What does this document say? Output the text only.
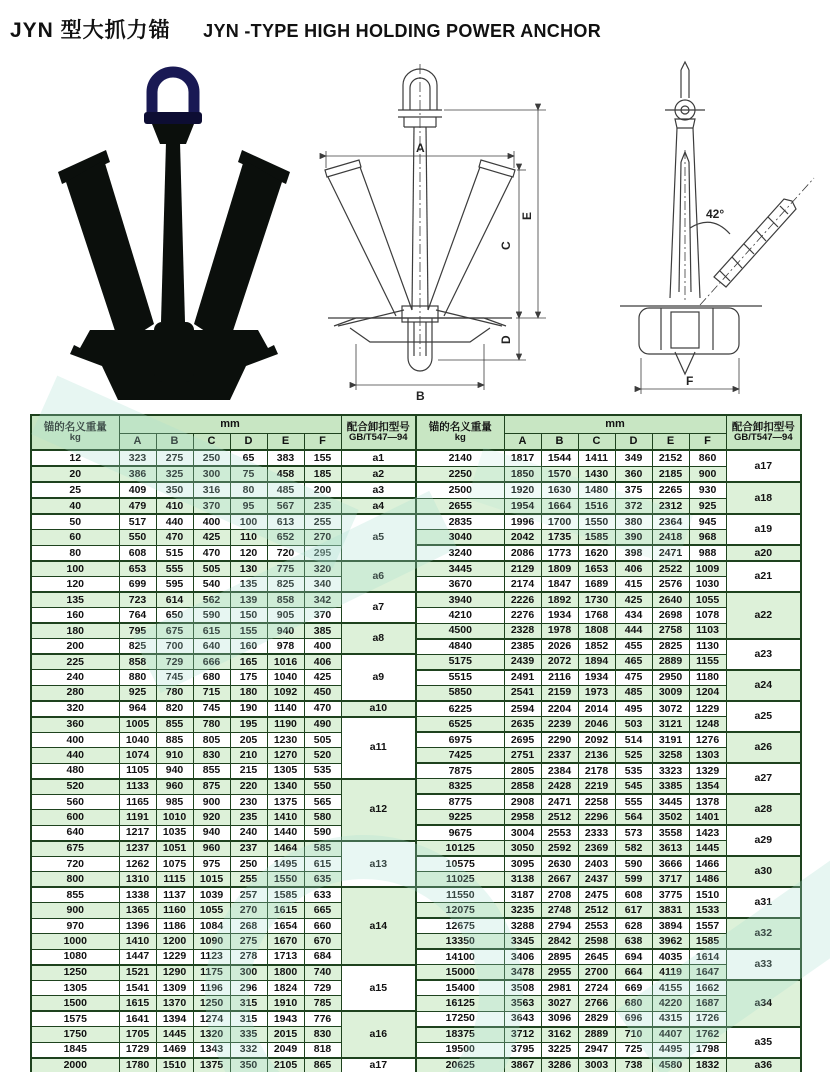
JYN 型大抓力锚 JYN -TYPE HIGH HOLDING POWER ANCHOR
A
B
C
D
E	42°
F
锚的名义重量
kg	mm						配合卸扣型号
GB/T547—94	锚的名义重量
kg	mm						配合卸扣型号
GB/T547—94

	A	B	C	D	E	F			A	B	C	D	E	F	
12	323	275	250	65	383	155	a1	2140	1817	1544	1411	349	2152	860	a17
20	386	325	300	75	458	185	a2	2250	1850	1570	1430	360	2185	900	
25	409	350	316	80	485	200	a3	2500	1920	1630	1480	375	2265	930	a18
40	479	410	370	95	567	235	a4	2655	1954	1664	1516	372	2312	925	
50	517	440	400	100	613	255	a5	2835	1996	1700	1550	380	2364	945	a19
60	550	470	425	110	652	270		3040	2042	1735	1585	390	2418	968	
80	608	515	470	120	720	295		3240	2086	1773	1620	398	2471	988	a20
100	653	555	505	130	775	320	a6	3445	2129	1809	1653	406	2522	1009	a21
120	699	595	540	135	825	340		3670	2174	1847	1689	415	2576	1030	
135	723	614	562	139	858	342	a7	3940	2226	1892	1730	425	2640	1055	a22
160	764	650	590	150	905	370		4210	2276	1934	1768	434	2698	1078	
180	795	675	615	155	940	385	a8	4500	2328	1978	1808	444	2758	1103	
200	825	700	640	160	978	400		4840	2385	2026	1852	455	2825	1130	a23
225	858	729	666	165	1016	406	a9	5175	2439	2072	1894	465	2889	1155	
240	880	745	680	175	1040	425		5515	2491	2116	1934	475	2950	1180	a24
280	925	780	715	180	1092	450		5850	2541	2159	1973	485	3009	1204	
320	964	820	745	190	1140	470	a10	6225	2594	2204	2014	495	3072	1229	a25
360	1005	855	780	195	1190	490	a11	6525	2635	2239	2046	503	3121	1248	
400	1040	885	805	205	1230	505		6975	2695	2290	2092	514	3191	1276	a26
440	1074	910	830	210	1270	520		7425	2751	2337	2136	525	3258	1303	
480	1105	940	855	215	1305	535		7875	2805	2384	2178	535	3323	1329	a27
520	1133	960	875	220	1340	550	a12	8325	2858	2428	2219	545	3385	1354	
560	1165	985	900	230	1375	565		8775	2908	2471	2258	555	3445	1378	a28
600	1191	1010	920	235	1410	580		9225	2958	2512	2296	564	3502	1401	
640	1217	1035	940	240	1440	590		9675	3004	2553	2333	573	3558	1423	a29
675	1237	1051	960	237	1464	585	a13	10125	3050	2592	2369	582	3613	1445	
720	1262	1075	975	250	1495	615		10575	3095	2630	2403	590	3666	1466	a30
800	1310	1115	1015	255	1550	635		11025	3138	2667	2437	599	3717	1486	
855	1338	1137	1039	257	1585	633	a14	11550	3187	2708	2475	608	3775	1510	a31
900	1365	1160	1055	270	1615	665		12075	3235	2748	2512	617	3831	1533	
970	1396	1186	1084	268	1654	660		12675	3288	2794	2553	628	3894	1557	a32
1000	1410	1200	1090	275	1670	670		13350	3345	2842	2598	638	3962	1585	
1080	1447	1229	1123	278	1713	684		14100	3406	2895	2645	694	4035	1614	a33
1250	1521	1290	1175	300	1800	740	a15	15000	3478	2955	2700	664	4119	1647	
1305	1541	1309	1196	296	1824	729		15400	3508	2981	2724	669	4155	1662	a34
1500	1615	1370	1250	315	1910	785		16125	3563	3027	2766	680	4220	1687	
1575	1641	1394	1274	315	1943	776	a16	17250	3643	3096	2829	696	4315	1726	
1750	1705	1445	1320	335	2015	830		18375	3712	3162	2889	710	4407	1762	a35
1845	1729	1469	1343	332	2049	818		19500	3795	3225	2947	725	4495	1798	
2000	1780	1510	1375	350	2105	865	a17	20625	3867	3286	3003	738	4580	1832	a36
